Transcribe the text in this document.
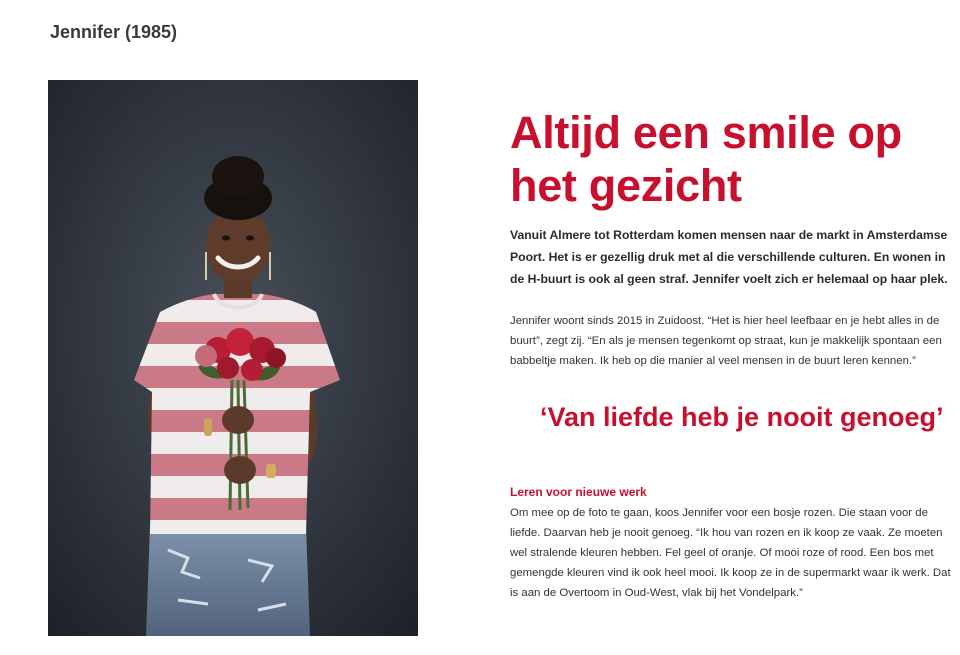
Jennifer (1985)
Altijd een smile op het gezicht

Vanuit Almere tot Rotterdam komen mensen naar de markt in Amsterdamse Poort. Het is er gezellig druk met al die verschillende culturen. En wonen in de H-buurt is ook al geen straf. Jennifer voelt zich er helemaal op haar plek.

Jennifer woont sinds 2015 in Zuidoost. “Het is hier heel leefbaar en je hebt alles in de buurt”, zegt zij. “En als je mensen tegenkomt op straat, kun je makkelijk spontaan een babbeltje maken. Ik heb op die manier al veel mensen in de buurt leren kennen.”

‘Van liefde heb je nooit genoeg’

Leren voor nieuwe werk

Om mee op de foto te gaan, koos Jennifer voor een bosje rozen. Die staan voor de liefde. Daarvan heb je nooit genoeg. “Ik hou van rozen en ik koop ze vaak. Ze moeten wel stralende kleuren hebben. Fel geel of oranje. Of mooi roze of rood. Een bos met gemengde kleuren vind ik ook heel mooi. Ik koop ze in de supermarkt waar ik werk. Dat is aan de Overtoom in Oud-West, vlak bij het Vondelpark.”
